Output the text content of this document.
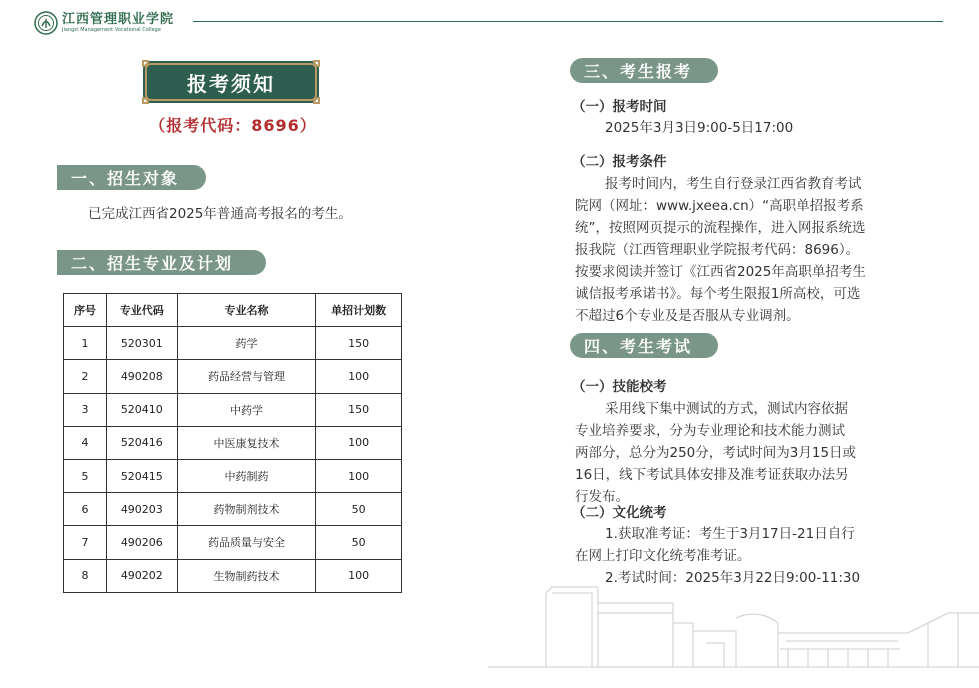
江西管理职业学院
Jiangxi Management Vocational College
报考须知
（报考代码：8696）
一、招生对象
已完成江西省2025年普通高考报名的考生。
二、招生专业及计划
序号	专业代码	专业名称	单招计划数
1	520301	药学	150
2	490208	药品经营与管理	100
3	520410	中药学	150
4	520416	中医康复技术	100
5	520415	中药制药	100
6	490203	药物制剂技术	50
7	490206	药品质量与安全	50
8	490202	生物制药技术	100
三、考生报考
（一）报考时间
2025年3月3日9:00-5日17:00
（二）报考条件
报考时间内，考生自行登录江西省教育考试
院网（网址：www.jxeea.cn）“高职单招报考系
统”，按照网页提示的流程操作，进入网报系统选
报我院（江西管理职业学院报考代码：8696）。
按要求阅读并签订《江西省2025年高职单招考生
诚信报考承诺书》。每个考生限报1所高校，可选
不超过6个专业及是否服从专业调剂。
四、考生考试
（一）技能校考
采用线下集中测试的方式，测试内容依据
专业培养要求，分为专业理论和技术能力测试
两部分，总分为250分，考试时间为3月15日或
16日，线下考试具体安排及准考证获取办法另
行发布。
（二）文化统考
1.获取准考证：考生于3月17日-21日自行
在网上打印文化统考准考证。
2.考试时间：2025年3月22日9:00-11:30
